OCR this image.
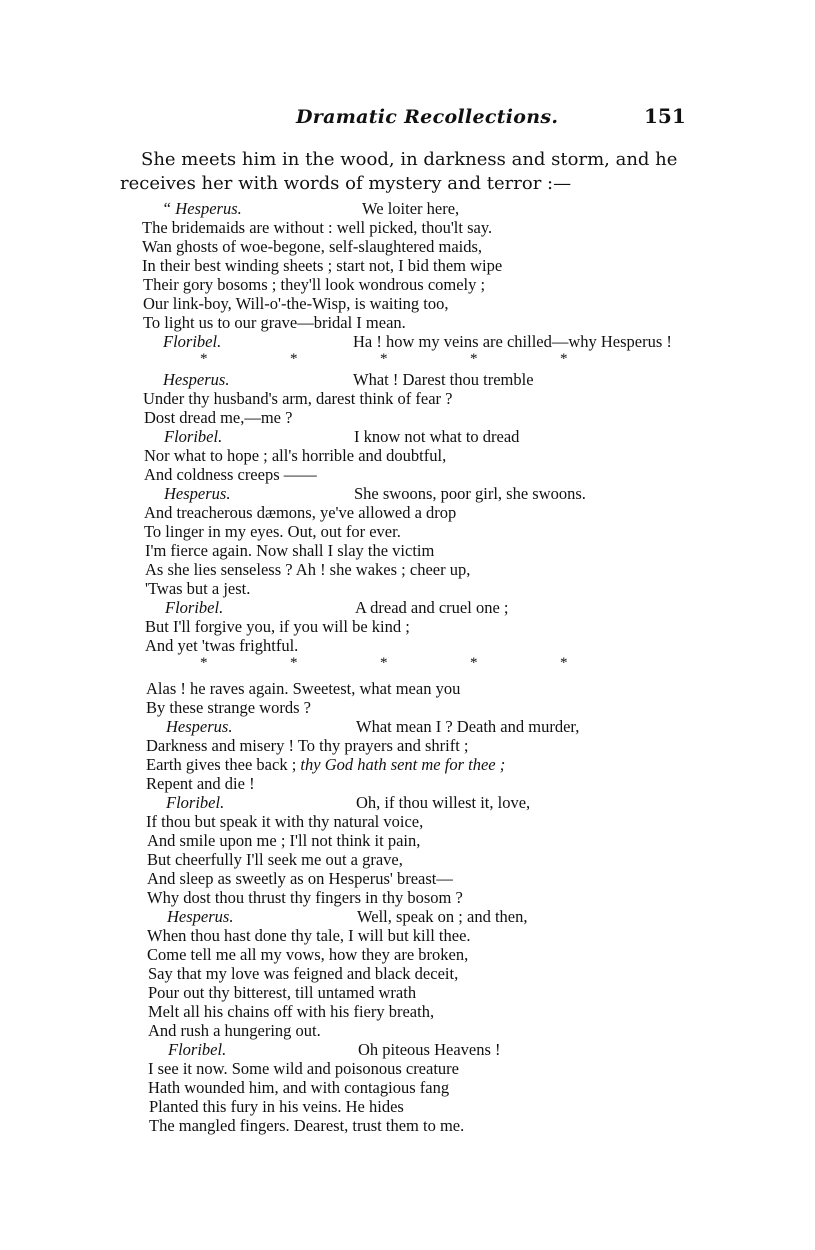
Dramatic Recollections.	151
She meets him in the wood, in darkness and storm, and he
receives her with words of mystery and terror :—
“ Hesperus.	We loiter here,
The bridemaids are without : well picked, thou'lt say.
Wan ghosts of woe-begone, self-slaughtered maids,
In their best winding sheets ; start not, I bid them wipe
Their gory bosoms ; they'll look wondrous comely ;
Our link-boy, Will-o'-the-Wisp, is waiting too,
To light us to our grave—bridal I mean.
Floribel.	Ha ! how my veins are chilled—why Hesperus !
*	*	*	*	*
Hesperus.	What ! Darest thou tremble
Under thy husband's arm, darest think of fear ?
Dost dread me,—me ?
Floribel.	I know not what to dread
Nor what to hope ; all's horrible and doubtful,
And coldness creeps ——
Hesperus.	She swoons, poor girl, she swoons.
And treacherous dæmons, ye've allowed a drop
To linger in my eyes. Out, out for ever.
I'm fierce again. Now shall I slay the victim
As she lies senseless ? Ah ! she wakes ; cheer up,
'Twas but a jest.
Floribel.	A dread and cruel one ;
But I'll forgive you, if you will be kind ;
And yet 'twas frightful.
*	*	*	*	*
Alas ! he raves again. Sweetest, what mean you
By these strange words ?
Hesperus.	What mean I ? Death and murder,
Darkness and misery ! To thy prayers and shrift ;
Earth gives thee back ; thy God hath sent me for thee ;
Repent and die !
Floribel.	Oh, if thou willest it, love,
If thou but speak it with thy natural voice,
And smile upon me ; I'll not think it pain,
But cheerfully I'll seek me out a grave,
And sleep as sweetly as on Hesperus' breast—
Why dost thou thrust thy fingers in thy bosom ?
Hesperus.	Well, speak on ; and then,
When thou hast done thy tale, I will but kill thee.
Come tell me all my vows, how they are broken,
Say that my love was feigned and black deceit,
Pour out thy bitterest, till untamed wrath
Melt all his chains off with his fiery breath,
And rush a hungering out.
Floribel.	Oh piteous Heavens !
I see it now. Some wild and poisonous creature
Hath wounded him, and with contagious fang
Planted this fury in his veins. He hides
The mangled fingers. Dearest, trust them to me.
